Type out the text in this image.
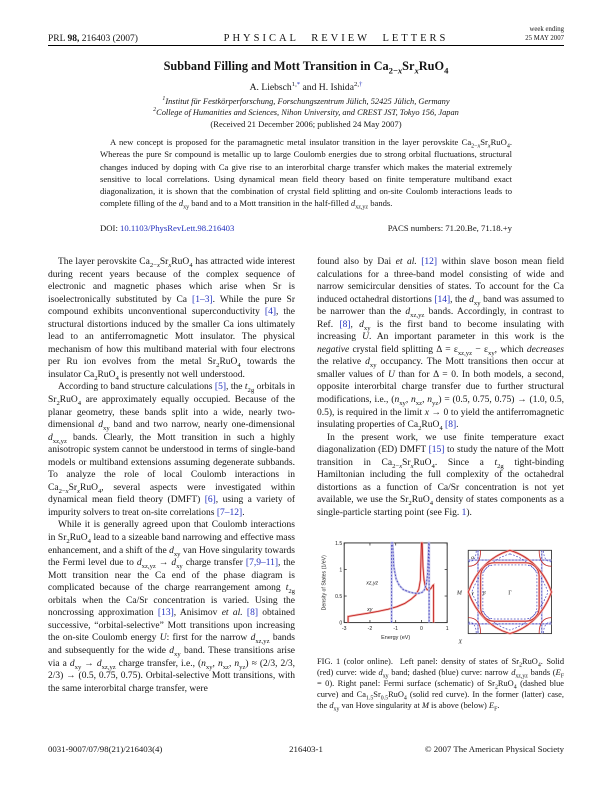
PRL 98, 216403 (2007)	PHYSICAL REVIEW LETTERS
week ending
25 MAY 2007
Subband Filling and Mott Transition in $Ca_{2-x}Sr_xRuO_4$
A. Liebsch$^{1,*}$ and H. Ishida$^{2,\dagger}$
$^1$Institut für Festkörperforschung, Forschungszentrum Jülich, 52425 Jülich, Germany
$^2$College of Humanities and Sciences, Nihon University, and CREST JST, Tokyo 156, Japan
(Received 21 December 2006; published 24 May 2007)
A new concept is proposed for the paramagnetic metal insulator transition in the layer perovskite $Ca_{2-x}Sr_xRuO_4$. Whereas the pure Sr compound is metallic up to large Coulomb energies due to strong orbital fluctuations, structural changes induced by doping with Ca give rise to an interorbital charge transfer which makes the material extremely sensitive to local correlations. Using dynamical mean field theory based on finite temperature multiband exact diagonalization, it is shown that the combination of crystal field splitting and on-site Coulomb interactions leads to complete filling of the $d_{xy}$ band and to a Mott transition in the half-filled $d_{xz,yz}$ bands.
DOI: 10.1103/PhysRevLett.98.216403	PACS numbers: 71.20.Be, 71.18.+y

The layer perovskite $Ca_{2-x}Sr_xRuO_4$ has attracted wide interest during recent years because of the complex sequence of electronic and magnetic phases which arise when Sr is isoelectronically substituted by Ca [1–3]. While the pure Sr compound exhibits unconventional superconductivity [4], the structural distortions induced by the smaller Ca ions ultimately lead to an antiferromagnetic Mott insulator. The physical mechanism of how this multiband material with four electrons per Ru ion evolves from the metal $Sr_2RuO_4$ towards the insulator $Ca_2RuO_4$ is presently not well understood.

According to band structure calculations [5], the $t_{2g}$ orbitals in $Sr_2RuO_4$ are approximately equally occupied. Because of the planar geometry, these bands split into a wide, nearly two-dimensional $d_{xy}$ band and two narrow, nearly one-dimensional $d_{xz,yz}$ bands. Clearly, the Mott transition in such a highly anisotropic system cannot be understood in terms of single-band models or multiband extensions assuming degenerate subbands. To analyze the role of local Coulomb interactions in $Ca_{2-x}Sr_xRuO_4$, several aspects were investigated within dynamical mean field theory (DMFT) [6], using a variety of impurity solvers to treat on-site correlations [7–12].

While it is generally agreed upon that Coulomb interactions in $Sr_2RuO_4$ lead to a sizeable band narrowing and effective mass enhancement, and a shift of the $d_{xy}$ van Hove singularity towards the Fermi level due to $d_{xz,yz} \to d_{xy}$ charge transfer [7,9–11], the Mott transition near the Ca end of the phase diagram is complicated because of the charge rearrangement among $t_{2g}$ orbitals when the Ca/Sr concentration is varied. Using the noncrossing approximation [13], Anisimov et al. [8] obtained successive, “orbital-selective” Mott transitions upon increasing the on-site Coulomb energy U: first for the narrow $d_{xz,yz}$ bands and subsequently for the wide $d_{xy}$ band. These transitions arise via a $d_{xy} \to d_{xz,yz}$ charge transfer, i.e., ($n_{xy}$, $n_{xz}$, $n_{yz}) \approx (2/3$, 2/3, 2/3) → (0.5, 0.75, 0.75). Orbital-selective Mott transitions, with the same interorbital charge transfer, were

found also by Dai et al. [12] within slave boson mean field calculations for a three-band model consisting of wide and narrow semicircular densities of states. To account for the Ca induced octahedral distortions [14], the $d_{xy}$ band was assumed to be narrower than the $d_{xz,yz}$ bands. Accordingly, in contrast to Ref. [8], $d_{xy}$ is the first band to become insulating with increasing U. An important parameter in this work is the negative crystal field splitting $\Delta = \varepsilon_{xz,yz} - \varepsilon_{xy}$, which decreases the relative $d_{xy}$ occupancy. The Mott transitions then occur at smaller values of U than for Δ = 0. In both models, a second, opposite interorbital charge transfer due to further structural modifications, i.e., ($n_{xy}$, $n_{xz}$, $n_{yz}) = (0.5$, 0.75, 0.75) → (1.0, 0.5, 0.5), is required in the limit x → 0 to yield the antiferromagnetic insulating properties of $Ca_2RuO_4$ [8].

In the present work, we use finite temperature exact diagonalization (ED) DMFT [15] to study the nature of the Mott transition in $Ca_{2-x}Sr_xRuO_4$. Since a $t_{2g}$ tight-binding Hamiltonian including the full complexity of the octahedral distortions as a function of Ca/Sr concentration is not yet available, we use the $Sr_2RuO_4$ density of states components as a single-particle starting point (see Fig. 1).

-3	-2	-1	0	1
0
0.5
1
1.5
xz,yz
xy
Energy (eV)
Density of States (1/eV)	α
β
γ	Γ
M
X
FIG. 1 (color online). Left panel: density of states of $Sr_2RuO_4$. Solid (red) curve: wide $d_{xy}$ band; dashed (blue) curve: narrow $d_{xz,yz}$ bands $(E_F = 0)$. Right panel: Fermi surface (schematic) of $Sr_2RuO_4$ (dashed blue curve) and $Ca_{1.5}Sr_{0.5}RuO_4$ (solid red curve). In the former (latter) case, the $d_{xy}$ van Hove singularity at M is above (below) $E_F$.
0031-9007/07/98(21)/216403(4)	216403-1	© 2007 The American Physical Society
